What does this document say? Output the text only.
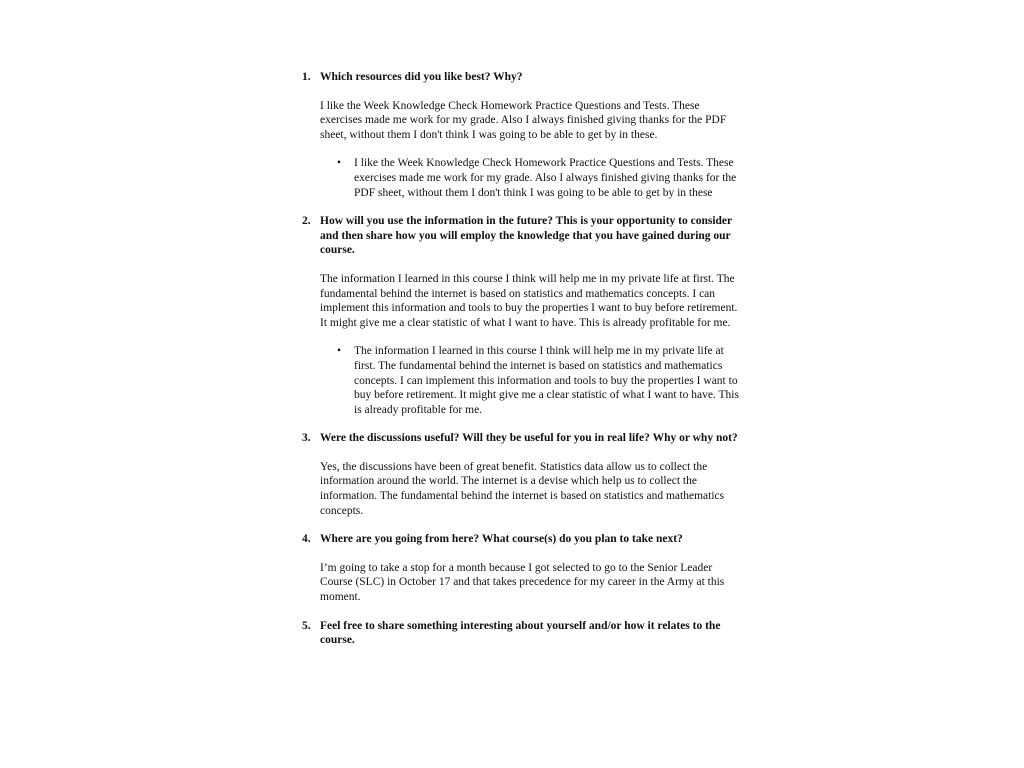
1. Which resources did you like best? Why?

I like the Week Knowledge Check Homework Practice Questions and Tests. These exercises made me work for my grade. Also I always finished giving thanks for the PDF sheet, without them I don't think I was going to be able to get by in these.

• I like the Week Knowledge Check Homework Practice Questions and Tests. These exercises made me work for my grade. Also I always finished giving thanks for the PDF sheet, without them I don't think I was going to be able to get by in these
2. How will you use the information in the future? This is your opportunity to consider and then share how you will employ the knowledge that you have gained during our course.

The information I learned in this course I think will help me in my private life at first. The fundamental behind the internet is based on statistics and mathematics concepts. I can implement this information and tools to buy the properties I want to buy before retirement. It might give me a clear statistic of what I want to have. This is already profitable for me.

• The information I learned in this course I think will help me in my private life at first. The fundamental behind the internet is based on statistics and mathematics concepts. I can implement this information and tools to buy the properties I want to buy before retirement. It might give me a clear statistic of what I want to have. This is already profitable for me.
3. Were the discussions useful? Will they be useful for you in real life? Why or why not?

Yes, the discussions have been of great benefit. Statistics data allow us to collect the information around the world. The internet is a devise which help us to collect the information. The fundamental behind the internet is based on statistics and mathematics concepts.

4. Where are you going from here? What course(s) do you plan to take next?

I’m going to take a stop for a month because I got selected to go to the Senior Leader Course (SLC) in October 17 and that takes precedence for my career in the Army at this moment.

5. Feel free to share something interesting about yourself and/or how it relates to the course.
